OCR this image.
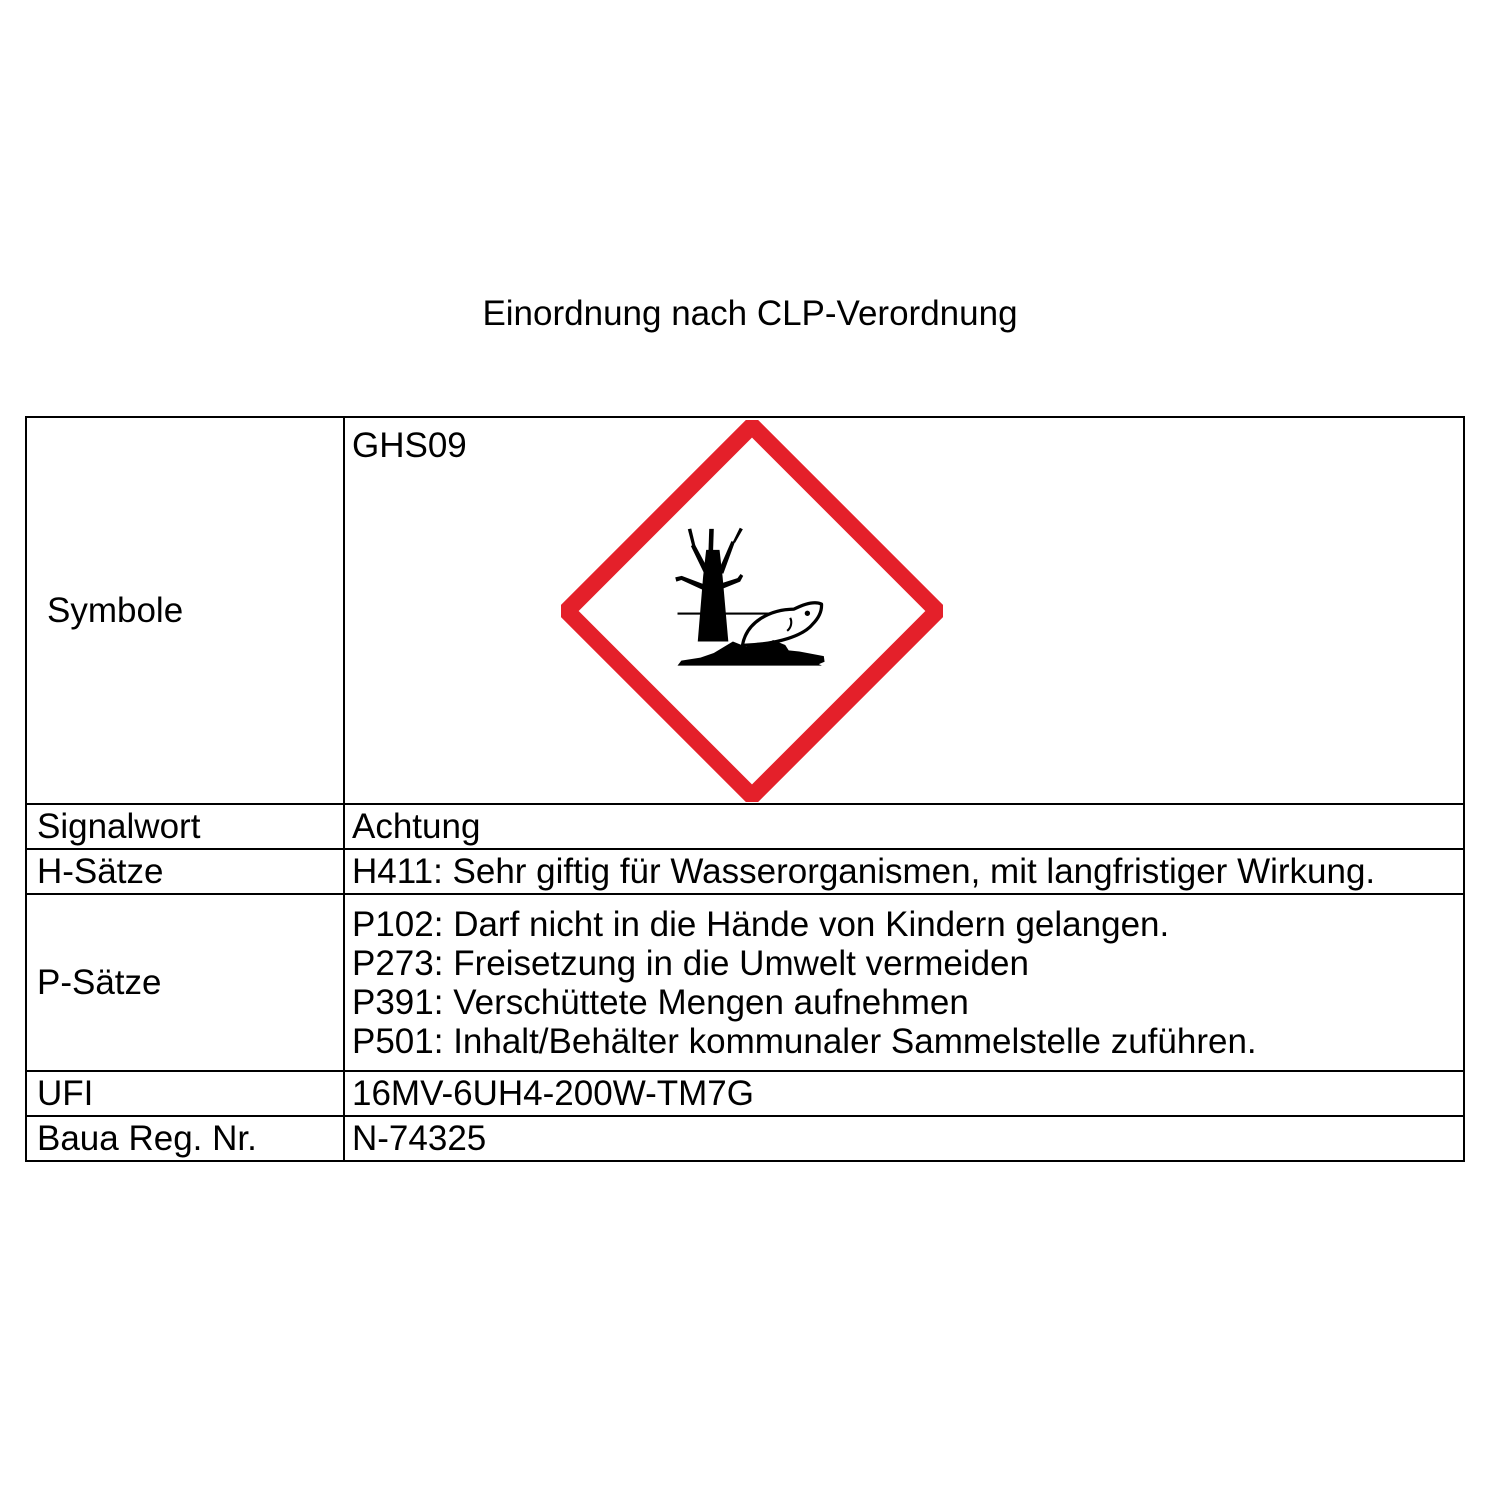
Einordnung nach CLP-Verordnung
Symbole	GHS09

Signalwort	Achtung
H-Sätze	H411: Sehr giftig für Wasserorganismen, mit langfristiger Wirkung.
P-Sätze	P102: Darf nicht in die Hände von Kindern gelangen.
P273: Freisetzung in die Umwelt vermeiden
P391: Verschüttete Mengen aufnehmen
P501: Inhalt/Behälter kommunaler Sammelstelle zuführen.

UFI	16MV-6UH4-200W-TM7G
Baua Reg. Nr.	N-74325
